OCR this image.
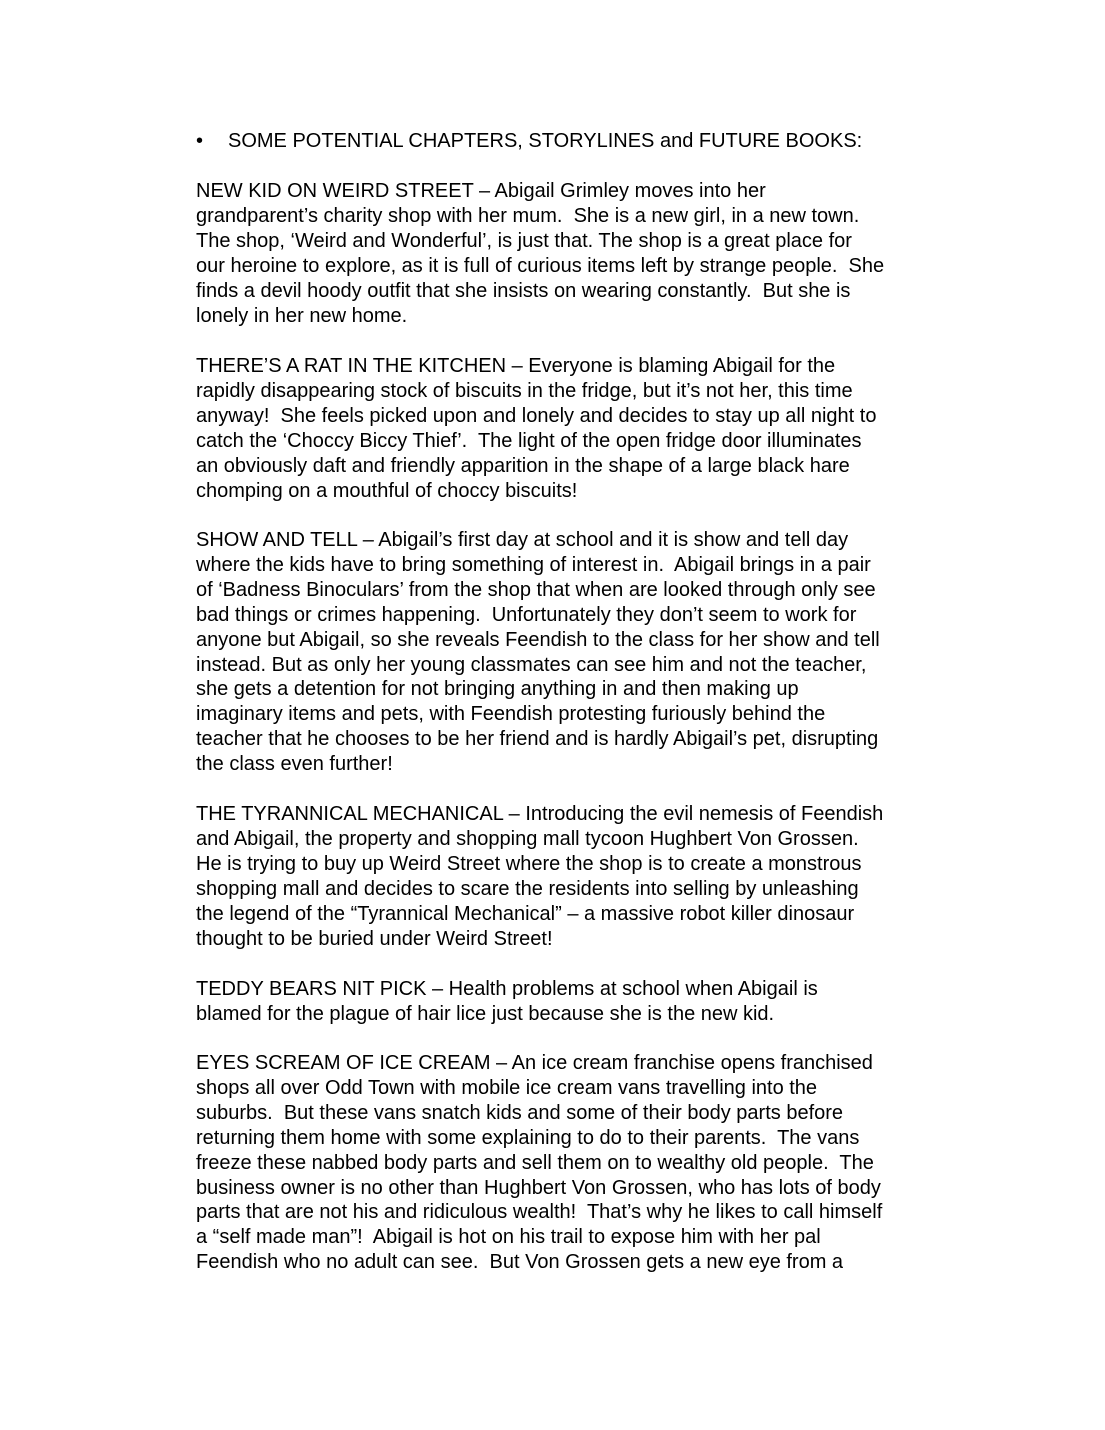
• SOME POTENTIAL CHAPTERS, STORYLINES and FUTURE BOOKS:

NEW KID ON WEIRD STREET – Abigail Grimley moves into her
grandparent’s charity shop with her mum.  She is a new girl, in a new town.
The shop, ‘Weird and Wonderful’, is just that. The shop is a great place for
our heroine to explore, as it is full of curious items left by strange people.  She
finds a devil hoody outfit that she insists on wearing constantly.  But she is
lonely in her new home.

THERE’S A RAT IN THE KITCHEN – Everyone is blaming Abigail for the
rapidly disappearing stock of biscuits in the fridge, but it’s not her, this time
anyway!  She feels picked upon and lonely and decides to stay up all night to
catch the ‘Choccy Biccy Thief’.  The light of the open fridge door illuminates
an obviously daft and friendly apparition in the shape of a large black hare
chomping on a mouthful of choccy biscuits!

SHOW AND TELL – Abigail’s first day at school and it is show and tell day
where the kids have to bring something of interest in.  Abigail brings in a pair
of ‘Badness Binoculars’ from the shop that when are looked through only see
bad things or crimes happening.  Unfortunately they don’t seem to work for
anyone but Abigail, so she reveals Feendish to the class for her show and tell
instead. But as only her young classmates can see him and not the teacher,
she gets a detention for not bringing anything in and then making up
imaginary items and pets, with Feendish protesting furiously behind the
teacher that he chooses to be her friend and is hardly Abigail’s pet, disrupting
the class even further!

THE TYRANNICAL MECHANICAL – Introducing the evil nemesis of Feendish
and Abigail, the property and shopping mall tycoon Hughbert Von Grossen.
He is trying to buy up Weird Street where the shop is to create a monstrous
shopping mall and decides to scare the residents into selling by unleashing
the legend of the “Tyrannical Mechanical” – a massive robot killer dinosaur
thought to be buried under Weird Street!

TEDDY BEARS NIT PICK – Health problems at school when Abigail is
blamed for the plague of hair lice just because she is the new kid.

EYES SCREAM OF ICE CREAM – An ice cream franchise opens franchised
shops all over Odd Town with mobile ice cream vans travelling into the
suburbs.  But these vans snatch kids and some of their body parts before
returning them home with some explaining to do to their parents.  The vans
freeze these nabbed body parts and sell them on to wealthy old people.  The
business owner is no other than Hughbert Von Grossen, who has lots of body
parts that are not his and ridiculous wealth!  That’s why he likes to call himself
a “self made man”!  Abigail is hot on his trail to expose him with her pal
Feendish who no adult can see.  But Von Grossen gets a new eye from a
